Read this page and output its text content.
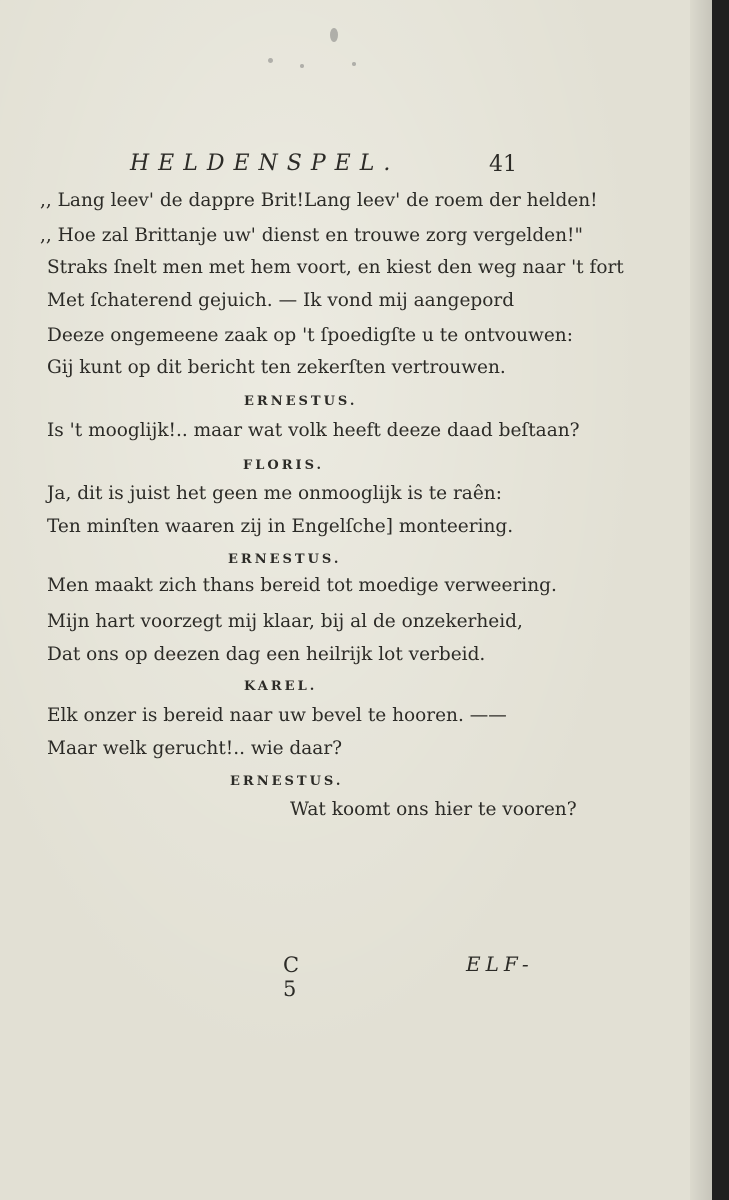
HELDENSPEL.	41
,, Lang leev' de dappre Brit!Lang leev' de roem der helden!
,, Hoe zal Brittanje uw' dienst en trouwe zorg vergelden!"
Straks ſnelt men met hem voort, en kiest den weg naar 't fort
Met ſchaterend gejuich. — Ik vond mij aangepord
Deeze ongemeene zaak op 't ſpoedigſte u te ontvouwen:
Gij kunt op dit bericht ten zekerſten vertrouwen.
ERNESTUS.
Is 't mooglijk!.. maar wat volk heeft deeze daad beſtaan?
FLORIS.
Ja, dit is juist het geen me onmooglijk is te raên:
Ten minſten waaren zij in Engelſche] monteering.
ERNESTUS.
Men maakt zich thans bereid tot moedige verweering.
Mijn hart voorzegt mij klaar, bij al de onzekerheid,
Dat ons op deezen dag een heilrijk lot verbeid.
KAREL.
Elk onzer is bereid naar uw bevel te hooren. ——
Maar welk gerucht!.. wie daar?
ERNESTUS.
Wat koomt ons hier te vooren?
C 5
ELF-
